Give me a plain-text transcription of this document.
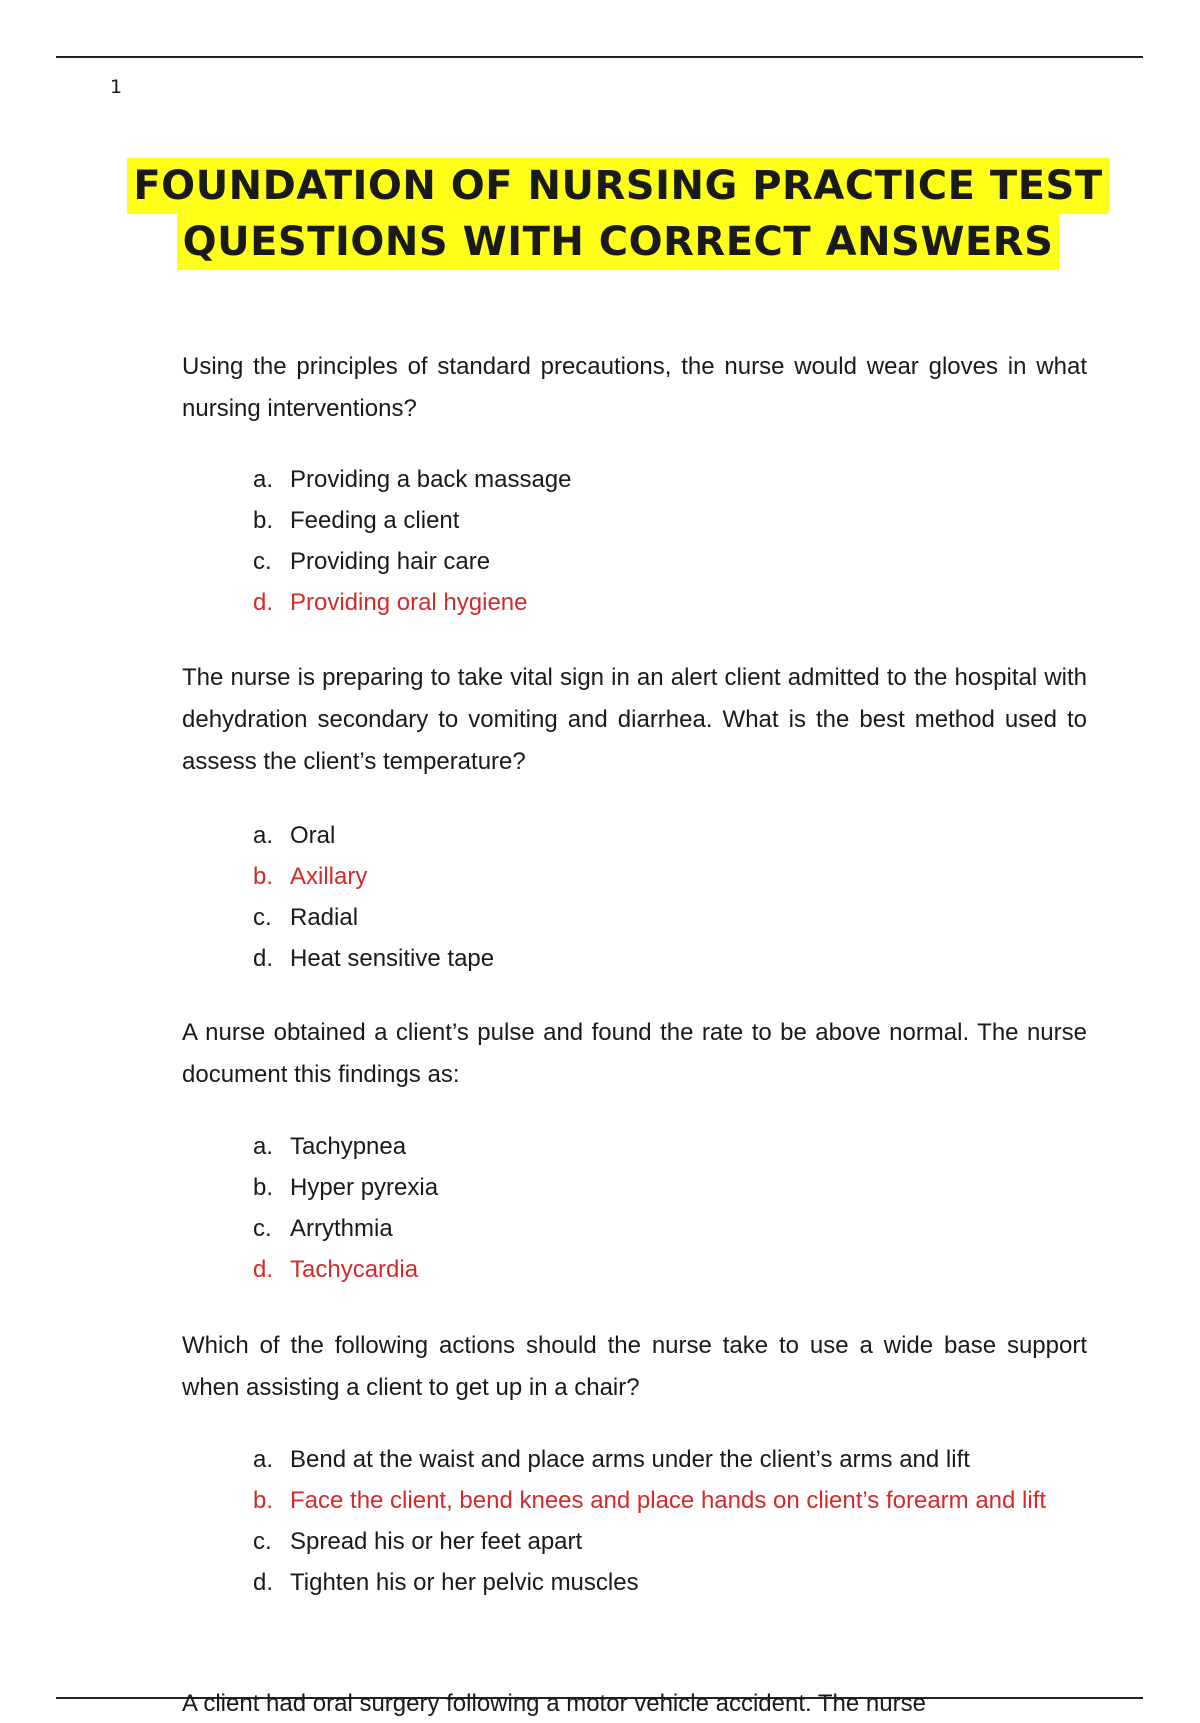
1
FOUNDATION OF NURSING PRACTICE TEST
QUESTIONS WITH CORRECT ANSWERS

Using the principles of standard precautions, the nurse would wear gloves in what nursing interventions?

a. Providing a back massage
b. Feeding a client
c. Providing hair care
d. Providing oral hygiene

The nurse is preparing to take vital sign in an alert client admitted to the hospital with dehydration secondary to vomiting and diarrhea. What is the best method used to assess the client’s temperature?

a. Oral
b. Axillary
c. Radial
d. Heat sensitive tape

A nurse obtained a client’s pulse and found the rate to be above normal. The nurse document this findings as:

a. Tachypnea
b. Hyper pyrexia
c. Arrythmia
d. Tachycardia

Which of the following actions should the nurse take to use a wide base support when assisting a client to get up in a chair?

a. Bend at the waist and place arms under the client’s arms and lift
b. Face the client, bend knees and place hands on client’s forearm and lift
c. Spread his or her feet apart
d. Tighten his or her pelvic muscles
A client had oral surgery following a motor vehicle accident. The nurse
